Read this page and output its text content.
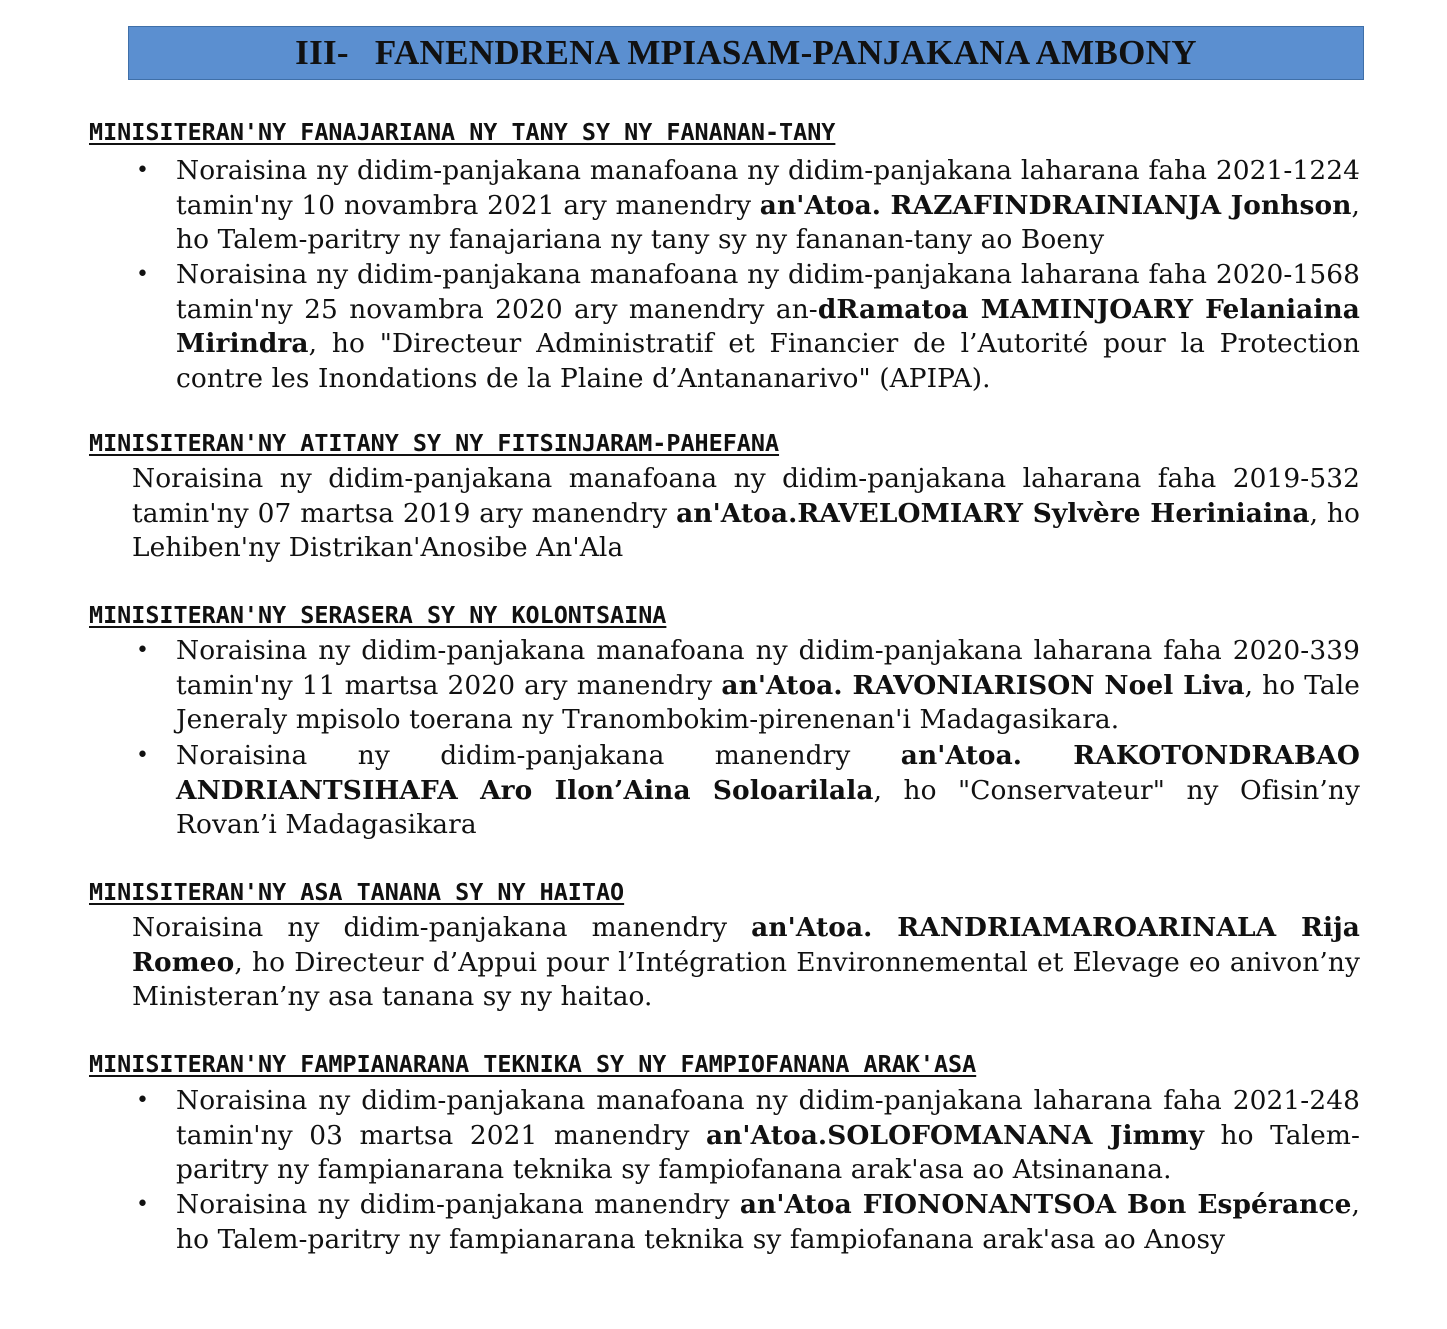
III- FANENDRENA MPIASAM-PANJAKANA AMBONY
MINISITERAN'NY FANAJARIANA NY TANY SY NY FANANAN-TANY
• Noraisina ny didim-panjakana manafoana ny didim-panjakana laharana faha 2021-1224 tamin'ny 10 novambra 2021 ary manendry an'Atoa. RAZAFINDRAINIANJA Jonhson, ho Talem-paritry ny fanajariana ny tany sy ny fananan-tany ao Boeny
• Noraisina ny didim-panjakana manafoana ny didim-panjakana laharana faha 2020-1568 tamin'ny 25 novambra 2020 ary manendry an-dRamatoa MAMINJOARY Felaniaina Mirindra, ho "Directeur Administratif et Financier de l’Autorité pour la Protection contre les Inondations de la Plaine d’Antananarivo" (APIPA).
MINISITERAN'NY ATITANY SY NY FITSINJARAM-PAHEFANA
Noraisina ny didim-panjakana manafoana ny didim-panjakana laharana faha 2019-532 tamin'ny 07 martsa 2019 ary manendry an'Atoa.RAVELOMIARY Sylvère Heriniaina, ho Lehiben'ny Distrikan'Anosibe An'Ala
MINISITERAN'NY SERASERA SY NY KOLONTSAINA
• Noraisina ny didim-panjakana manafoana ny didim-panjakana laharana faha 2020-339 tamin'ny 11 martsa 2020 ary manendry an'Atoa. RAVONIARISON Noel Liva, ho Tale Jeneraly mpisolo toerana ny Tranombokim-pirenenan'i Madagasikara.
• Noraisina ny didim-panjakana manendry an'Atoa. RAKOTONDRABAO ANDRIANTSIHAFA Aro Ilon’Aina Soloarilala, ho "Conservateur" ny Ofisin’ny Rovan’i Madagasikara
MINISITERAN'NY ASA TANANA SY NY HAITAO
Noraisina ny didim-panjakana manendry an'Atoa. RANDRIAMAROARINALA Rija Romeo, ho Directeur d’Appui pour l’Intégration Environnemental et Elevage eo anivon’ny Ministeran’ny asa tanana sy ny haitao.
MINISITERAN'NY FAMPIANARANA TEKNIKA SY NY FAMPIOFANANA ARAK'ASA
• Noraisina ny didim-panjakana manafoana ny didim-panjakana laharana faha 2021-248 tamin'ny 03 martsa 2021 manendry an'Atoa.SOLOFOMANANA Jimmy ho Talem-paritry ny fampianarana teknika sy fampiofanana arak'asa ao Atsinanana.
• Noraisina ny didim-panjakana manendry an'Atoa FIONONANTSOA Bon Espérance, ho Talem-paritry ny fampianarana teknika sy fampiofanana arak'asa ao Anosy
